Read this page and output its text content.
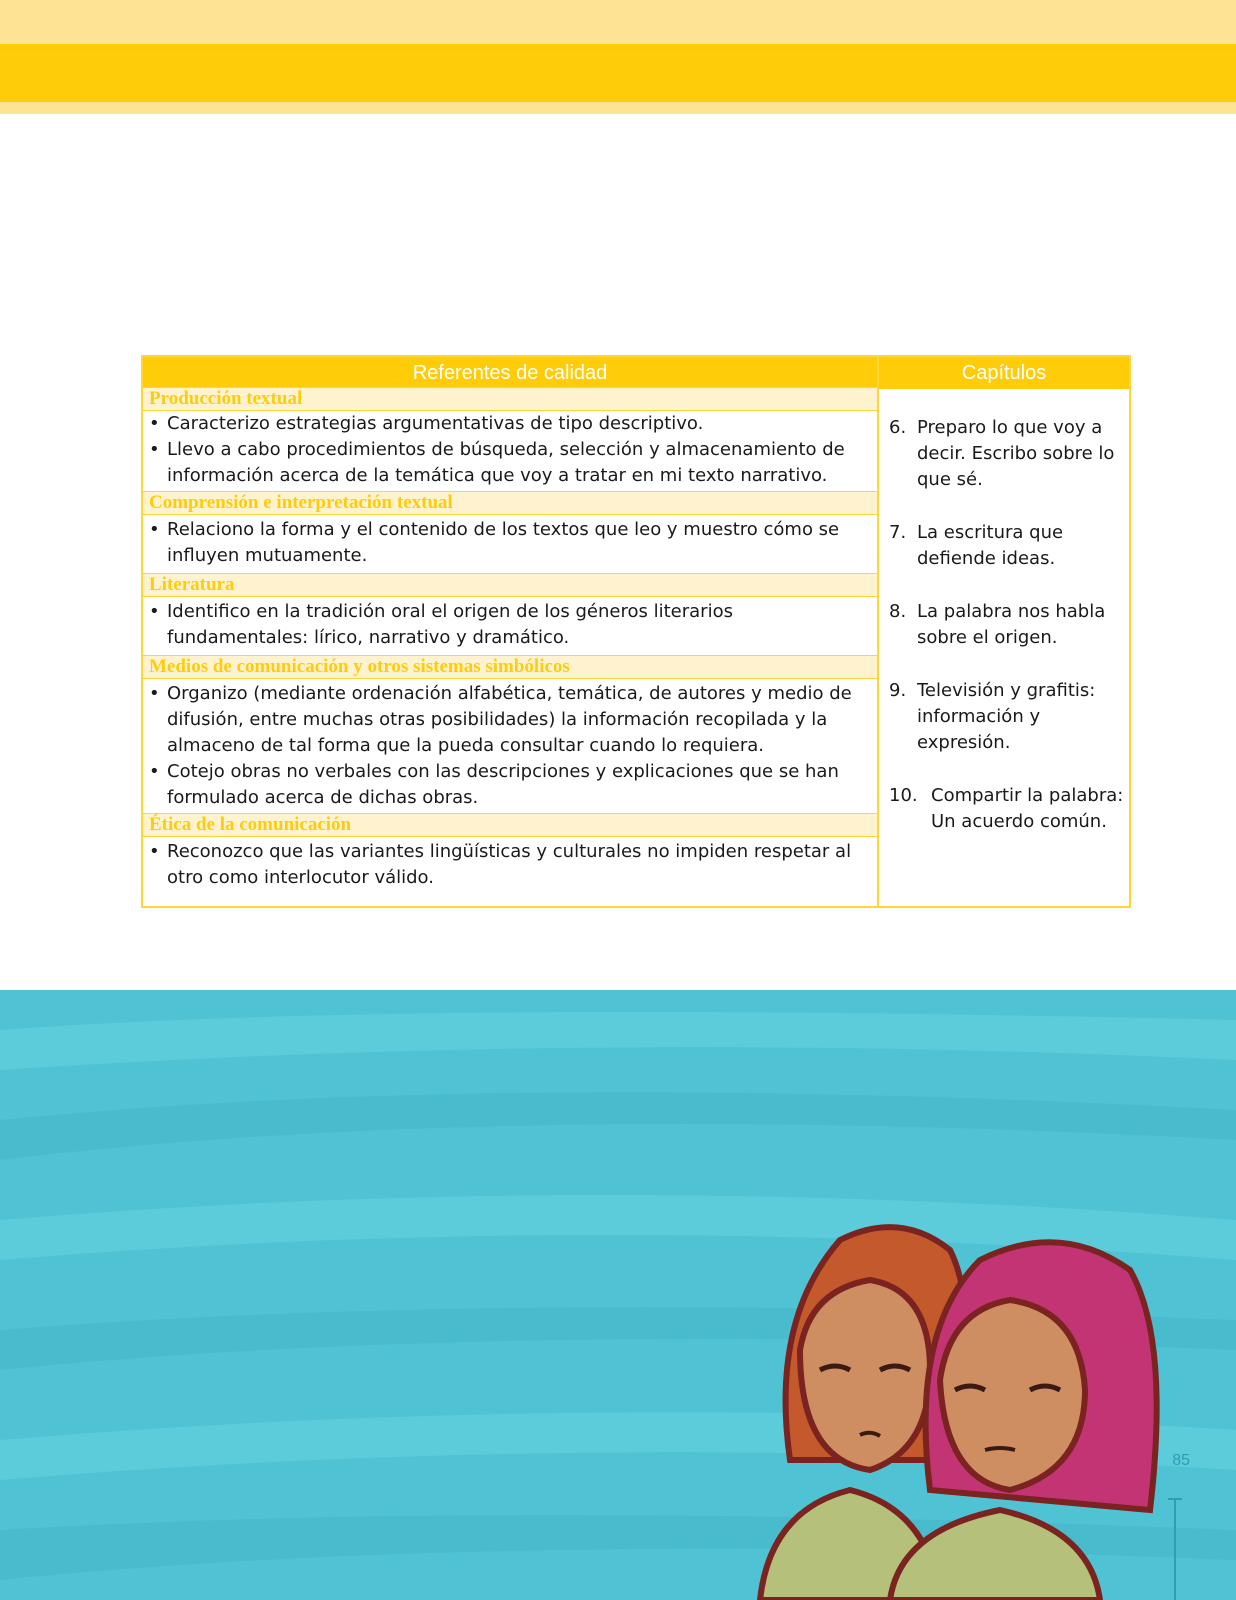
Referentes de calidad	Capítulos
Producción textual
• Caracterizo estrategias argumentativas de tipo descriptivo.
• Llevo a cabo procedimientos de búsqueda, selección y almacenamiento de información acerca de la temática que voy a tratar en mi texto narrativo.
Comprensión e interpretación textual
• Relaciono la forma y el contenido de los textos que leo y muestro cómo se influyen mutuamente.
Literatura
• Identifico en la tradición oral el origen de los géneros literarios fundamentales: lírico, narrativo y dramático.
Medios de comunicación y otros sistemas simbólicos
• Organizo (mediante ordenación alfabética, temática, de autores y medio de difusión, entre muchas otras posibilidades) la información recopilada y la almaceno de tal forma que la pueda consultar cuando lo requiera.
• Cotejo obras no verbales con las descripciones y explicaciones que se han formulado acerca de dichas obras.
Ética de la comunicación
• Reconozco que las variantes lingüísticas y culturales no impiden respetar al otro como interlocutor válido.
6. Preparo lo que voy a decir. Escribo sobre lo que sé.
7. La escritura que defiende ideas.
8. La palabra nos habla sobre el origen.
9. Televisión y grafitis: información y expresión.
10. Compartir la palabra: Un acuerdo común.
85
